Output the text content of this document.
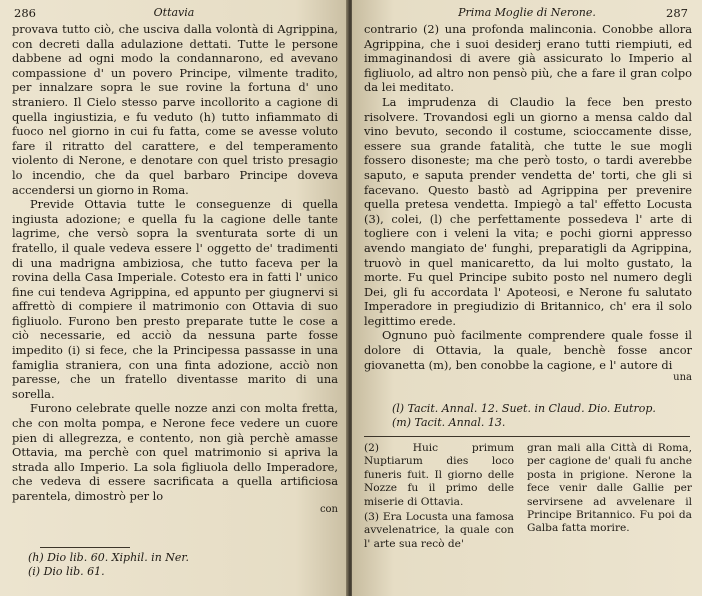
286	Ottavia

provava tutto ciò, che usciva dalla volontà di Agrippina, con decreti dalla adulazione dettati. Tutte le persone dabbene ad ogni modo la condannarono, ed avevano compassione d' un povero Principe, vilmente tradito, per innalzare sopra le sue rovine la fortuna d' uno straniero. Il Cielo stesso parve incollorito a cagione di quella ingiustizia, e fu veduto (h) tutto infiammato di fuoco nel giorno in cui fu fatta, come se avesse voluto fare il ritratto del carattere, e del temperamento violento di Nerone, e denotare con quel tristo presagio lo incendio, che da quel barbaro Principe doveva accendersi un giorno in Roma.

Previde Ottavia tutte le conseguenze di quella ingiusta adozione; e quella fu la cagione delle tante lagrime, che versò sopra la sventurata sorte di un fratello, il quale vedeva essere l' oggetto de' tradimenti di una madrigna ambiziosa, che tutto faceva per la rovina della Casa Imperiale. Cotesto era in fatti l' unico fine cui tendeva Agrippina, ed appunto per giugnervi si affrettò di compiere il matrimonio con Ottavia di suo figliuolo. Furono ben presto preparate tutte le cose a ciò necessarie, ed acciò da nessuna parte fosse impedito (i) si fece, che la Principessa passasse in una famiglia straniera, con una finta adozione, acciò non paresse, che un fratello diventasse marito di una sorella.

Furono celebrate quelle nozze anzi con molta fretta, che con molta pompa, e Nerone fece vedere un cuore pien di allegrezza, e contento, non già perchè amasse Ottavia, ma perchè con quel matrimonio si apriva la strada allo Imperio. La sola figliuola dello Imperadore, che vedeva di essere sacrificata a quella artificiosa parentela, dimostrò per lo

con
(h) Dio lib. 60. Xiphil. in Ner.
(i) Dio lib. 61.
Prima Moglie di Nerone.	287

contrario (2) una profonda malinconia. Conobbe allora Agrippina, che i suoi desiderj erano tutti riempiuti, ed immaginandosi di avere già assicurato lo Imperio al figliuolo, ad altro non pensò più, che a fare il gran colpo da lei meditato.

La imprudenza di Claudio la fece ben presto risolvere. Trovandosi egli un giorno a mensa caldo dal vino bevuto, secondo il costume, scioccamente disse, essere sua grande fatalità, che tutte le sue mogli fossero disoneste; ma che però tosto, o tardi averebbe saputo, e saputa prender vendetta de' torti, che gli si facevano. Questo bastò ad Agrippina per prevenire quella pretesa vendetta. Impiegò a tal' effetto Locusta (3), colei, (l) che perfettamente possedeva l' arte di togliere con i veleni la vita; e pochi giorni appresso avendo mangiato de' funghi, preparatigli da Agrippina, truovò in quel manicaretto, da lui molto gustato, la morte. Fu quel Principe subito posto nel numero degli Dei, gli fu accordata l' Apoteosi, e Nerone fu salutato Imperadore in pregiudizio di Britannico, ch' era il solo legittimo erede.

Ognuno può facilmente comprendere quale fosse il dolore di Ottavia, la quale, benchè fosse ancor giovanetta (m), ben conobbe la cagione, e l' autore di

una
(l) Tacit. Annal. 12. Suet. in Claud. Dio. Eutrop.
(m) Tacit. Annal. 13.

(2) Huic primum Nuptiarum dies loco funeris fuit. Il giorno delle Nozze fu il primo delle miserie di Ottavia.

(3) Era Locusta una famosa avvelenatrice, la quale con l' arte sua recò de'

gran mali alla Città di Roma, per cagione de' quali fu anche posta in prigione. Nerone la fece venir dalle Gallie per servirsene ad avvelenare il Principe Britannico. Fu poi da Galba fatta morire.
